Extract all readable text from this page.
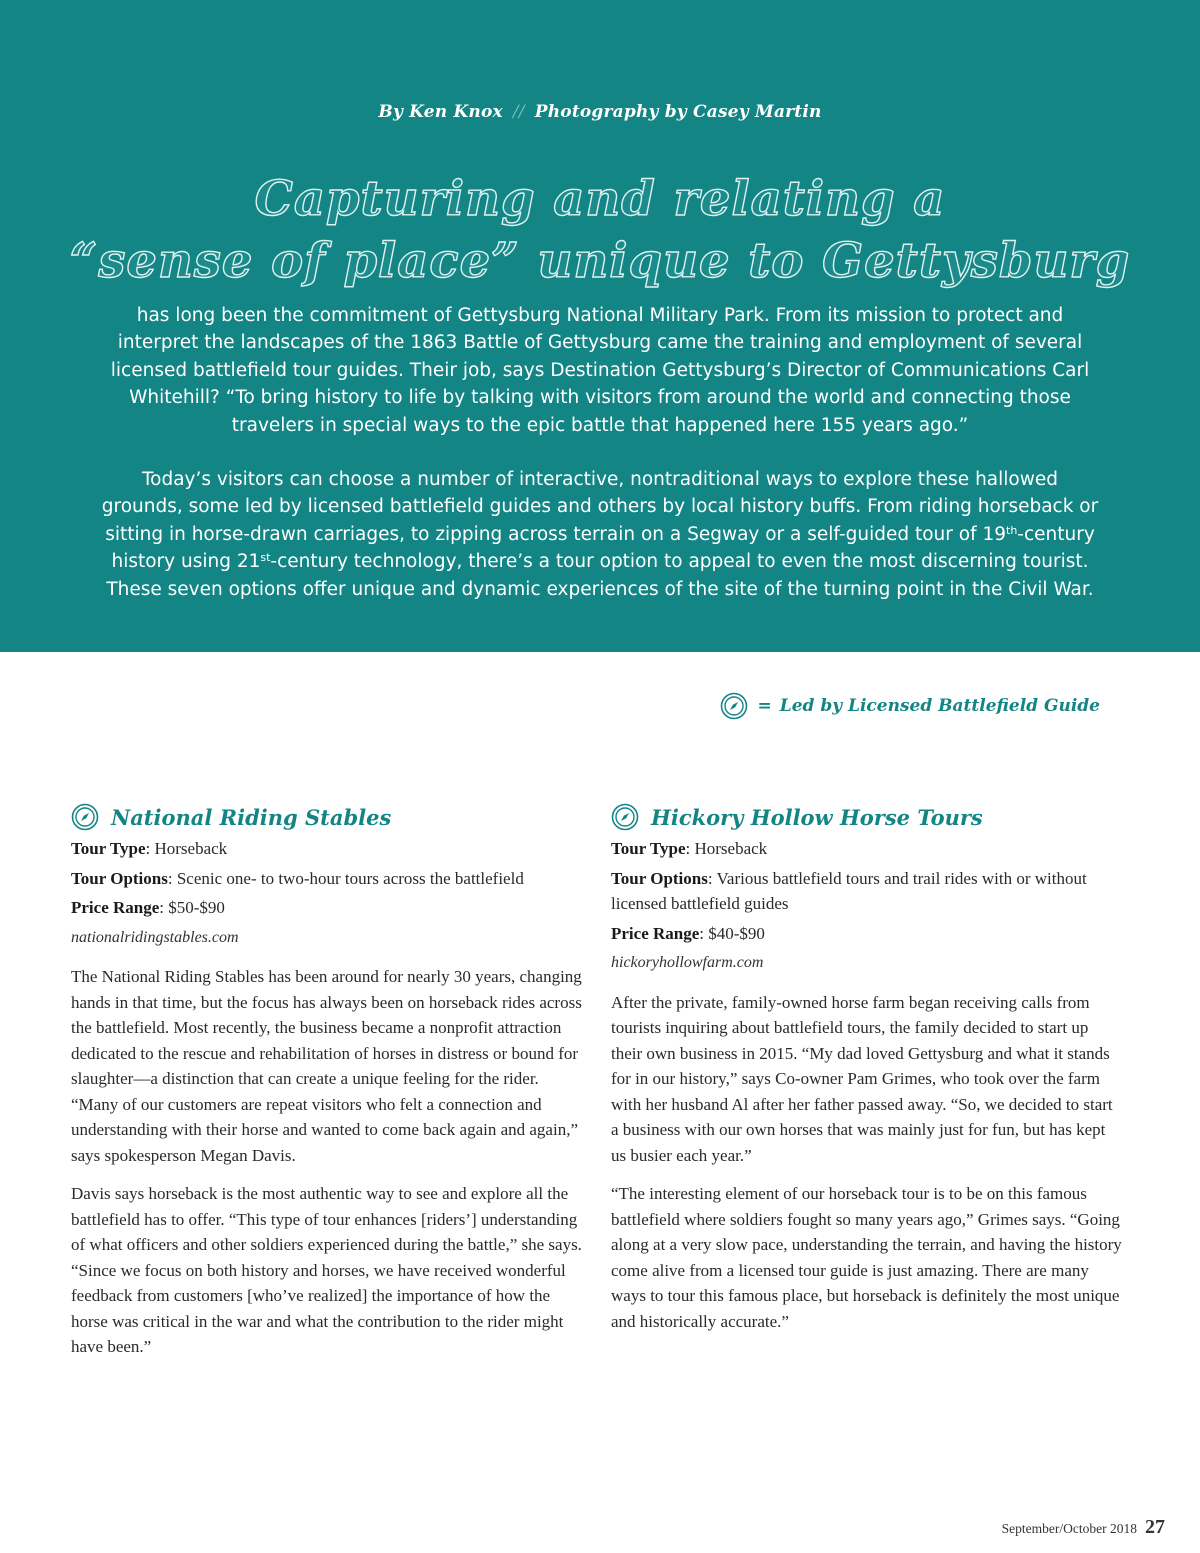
By Ken Knox // Photography by Casey Martin
Capturing and relating a
“sense of place” unique to Gettysburg

has long been the commitment of Gettysburg National Military Park. From its mission to protect and interpret the landscapes of the 1863 Battle of Gettysburg came the training and employment of several licensed battlefield tour guides. Their job, says Destination Gettysburg’s Director of Communications Carl Whitehill? “To bring history to life by talking with visitors from around the world and connecting those travelers in special ways to the epic battle that happened here 155 years ago.”

Today’s visitors can choose a number of interactive, nontraditional ways to explore these hallowed grounds, some led by licensed battlefield guides and others by local history buffs. From riding horseback or sitting in horse-drawn carriages, to zipping across terrain on a Segway or a self-guided tour of 19th-century history using 21st-century technology, there’s a tour option to appeal to even the most discerning tourist. These seven options offer unique and dynamic experiences of the site of the turning point in the Civil War.

= Led by Licensed Battlefield Guide
National Riding Stables

Tour Type: Horseback

Tour Options: Scenic one- to two-hour tours across the battlefield

Price Range: $50-$90

nationalridingstables.com

The National Riding Stables has been around for nearly 30 years, changing hands in that time, but the focus has always been on horseback rides across the battlefield. Most recently, the business became a nonprofit attraction dedicated to the rescue and rehabilitation of horses in distress or bound for slaughter—a distinction that can create a unique feeling for the rider. “Many of our customers are repeat visitors who felt a connection and understanding with their horse and wanted to come back again and again,” says spokesperson Megan Davis.

Davis says horseback is the most authentic way to see and explore all the battlefield has to offer. “This type of tour enhances [riders’] understanding of what officers and other soldiers experienced during the battle,” she says. “Since we focus on both history and horses, we have received wonderful feedback from customers [who’ve realized] the importance of how the horse was critical in the war and what the contribution to the rider might have been.”

Hickory Hollow Horse Tours

Tour Type: Horseback

Tour Options: Various battlefield tours and trail rides with or without licensed battlefield guides

Price Range: $40-$90

hickoryhollowfarm.com

After the private, family-owned horse farm began receiving calls from tourists inquiring about battlefield tours, the family decided to start up their own business in 2015. “My dad loved Gettysburg and what it stands for in our history,” says Co-owner Pam Grimes, who took over the farm with her husband Al after her father passed away. “So, we decided to start a business with our own horses that was mainly just for fun, but has kept us busier each year.”

“The interesting element of our horseback tour is to be on this famous battlefield where soldiers fought so many years ago,” Grimes says. “Going along at a very slow pace, understanding the terrain, and having the history come alive from a licensed tour guide is just amazing. There are many ways to tour this famous place, but horseback is definitely the most unique and historically accurate.”

September/October 2018 27
